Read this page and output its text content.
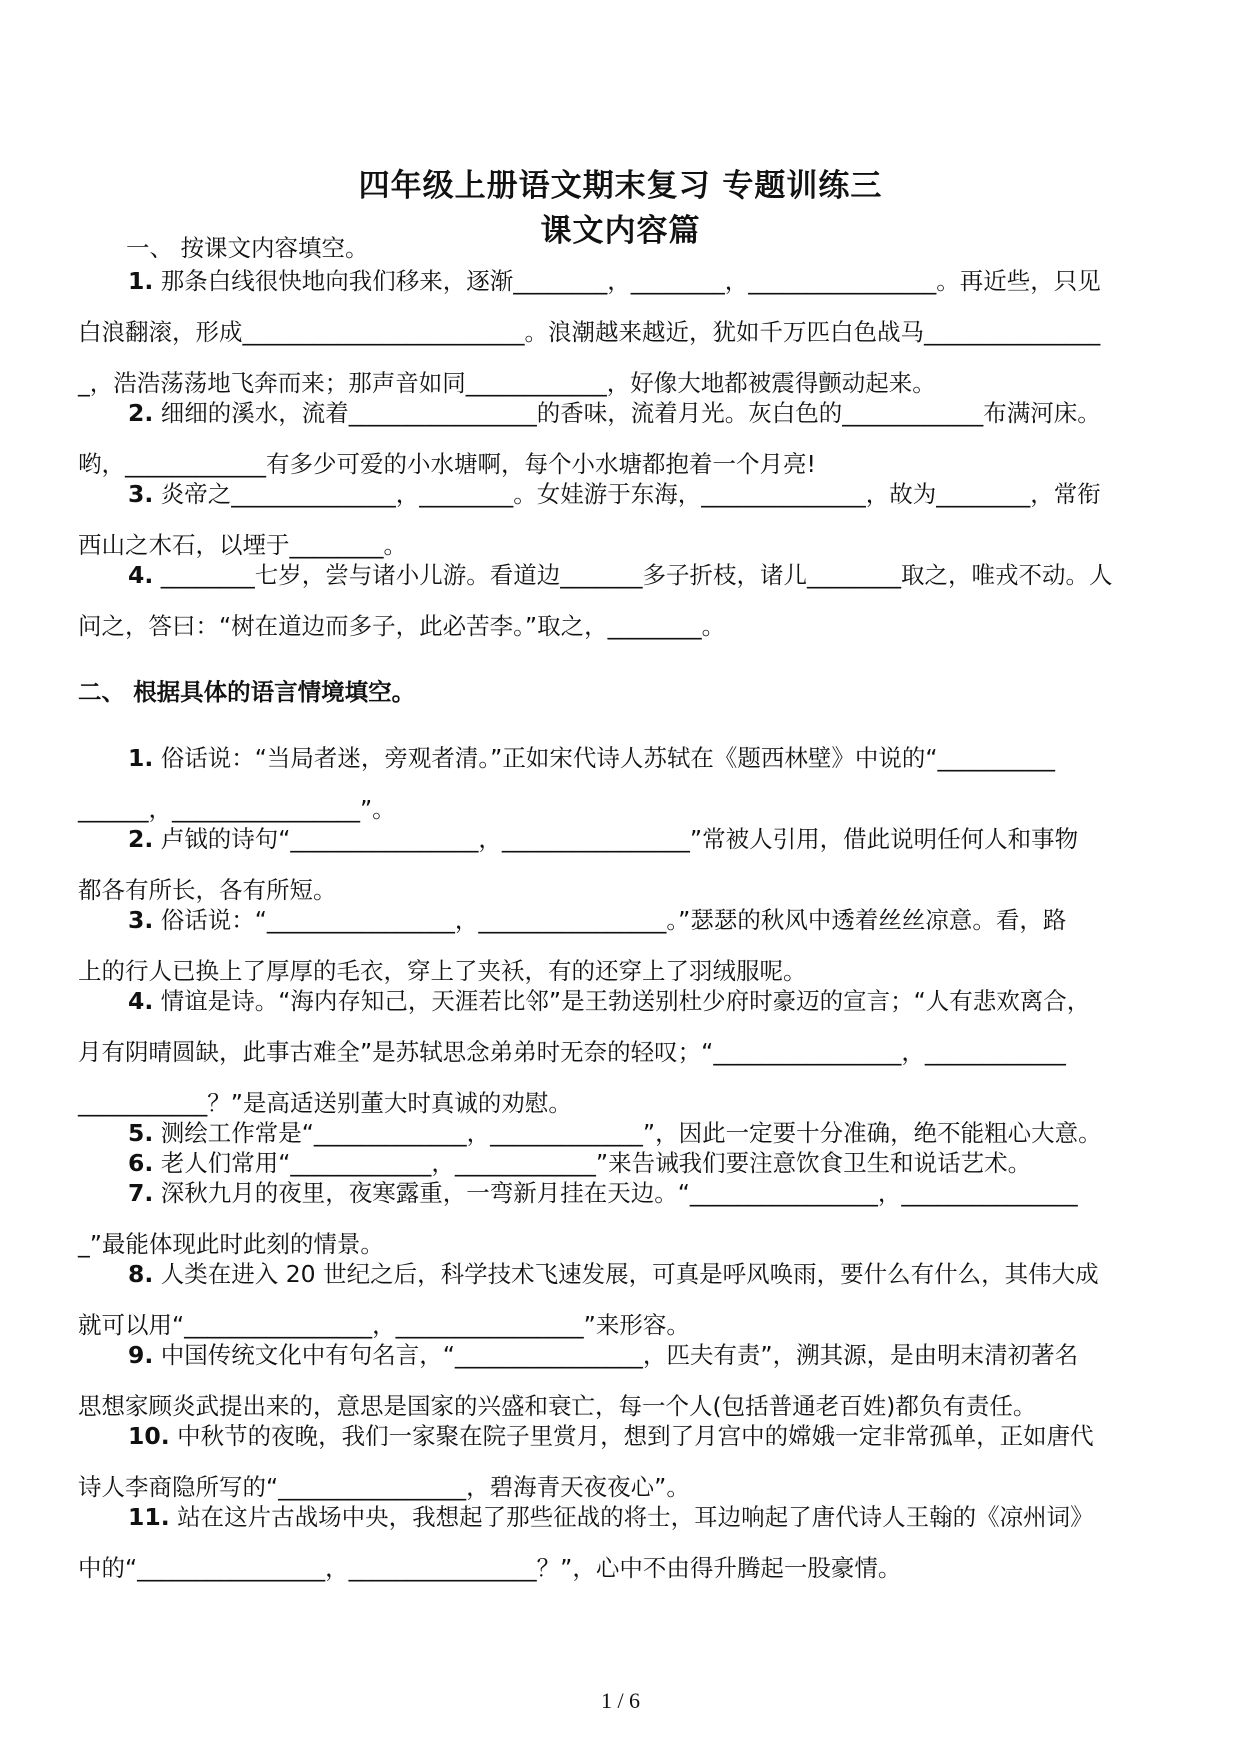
四年级上册语文期末复习 专题训练三
课文内容篇
一、 按课文内容填空。
1. 那条白线很快地向我们移来，逐渐________，________，________________。再近些，只见
白浪翻滚，形成________________________。浪潮越来越近，犹如千万匹白色战马_______________
_，浩浩荡荡地飞奔而来；那声音如同____________，好像大地都被震得颤动起来。
2. 细细的溪水，流着________________的香味，流着月光。灰白色的____________布满河床。
哟，____________有多少可爱的小水塘啊，每个小水塘都抱着一个月亮!
3. 炎帝之______________，________。女娃游于东海，______________，故为________，常衔
西山之木石，以堙于________。
4. ________七岁，尝与诸小儿游。看道边_______多子折枝，诸儿________取之，唯戎不动。人
问之，答曰：“树在道边而多子，此必苦李。”取之，________。
二、 根据具体的语言情境填空。
1. 俗话说：“当局者迷，旁观者清。”正如宋代诗人苏轼在《题西林壁》中说的“__________
______，________________”。
2. 卢钺的诗句“________________，________________”常被人引用，借此说明任何人和事物
都各有所长，各有所短。
3. 俗话说：“________________，________________。”瑟瑟的秋风中透着丝丝凉意。看，路
上的行人已换上了厚厚的毛衣，穿上了夹袄，有的还穿上了羽绒服呢。
4. 情谊是诗。“海内存知己，天涯若比邻”是王勃送别杜少府时豪迈的宣言；“人有悲欢离合，
月有阴晴圆缺，此事古难全”是苏轼思念弟弟时无奈的轻叹；“________________，____________
___________？”是高适送别董大时真诚的劝慰。
5. 测绘工作常是“_____________，_____________”，因此一定要十分准确，绝不能粗心大意。
6. 老人们常用“____________，____________”来告诫我们要注意饮食卫生和说话艺术。
7. 深秋九月的夜里，夜寒露重，一弯新月挂在天边。“________________，_______________
_”最能体现此时此刻的情景。
8. 人类在进入 20 世纪之后，科学技术飞速发展，可真是呼风唤雨，要什么有什么，其伟大成
就可以用“________________，________________”来形容。
9. 中国传统文化中有句名言，“________________，匹夫有责”，溯其源，是由明末清初著名
思想家顾炎武提出来的，意思是国家的兴盛和衰亡，每一个人(包括普通老百姓)都负有责任。
10. 中秋节的夜晚，我们一家聚在院子里赏月，想到了月宫中的嫦娥一定非常孤单，正如唐代
诗人李商隐所写的“________________，碧海青天夜夜心”。
11. 站在这片古战场中央，我想起了那些征战的将士，耳边响起了唐代诗人王翰的《凉州词》
中的“________________，________________？”，心中不由得升腾起一股豪情。
1 / 6
